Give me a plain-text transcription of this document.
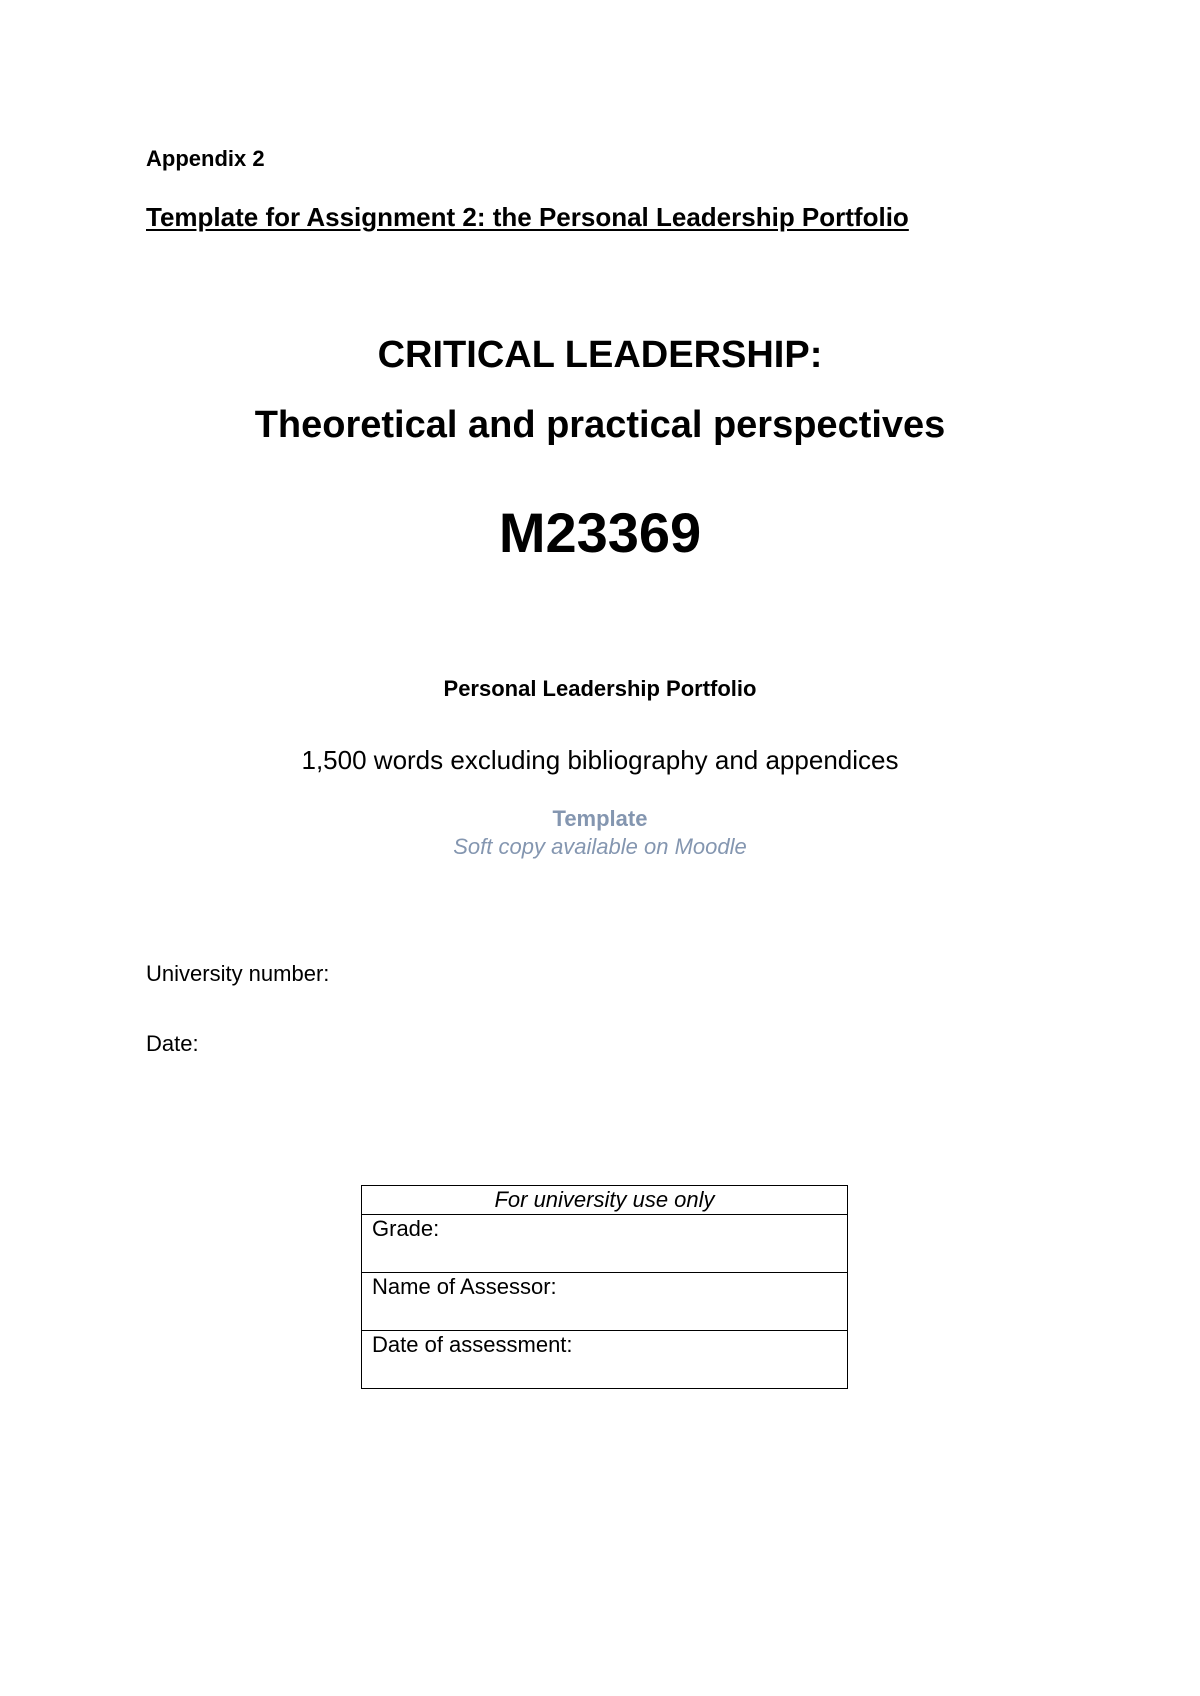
Appendix 2
Template for Assignment 2: the Personal Leadership Portfolio
CRITICAL LEADERSHIP:
Theoretical and practical perspectives
M23369
Personal Leadership Portfolio
1,500 words excluding bibliography and appendices
Template
Soft copy available on Moodle
University number:
Date:
For university use only
Grade:
Name of Assessor:
Date of assessment:
